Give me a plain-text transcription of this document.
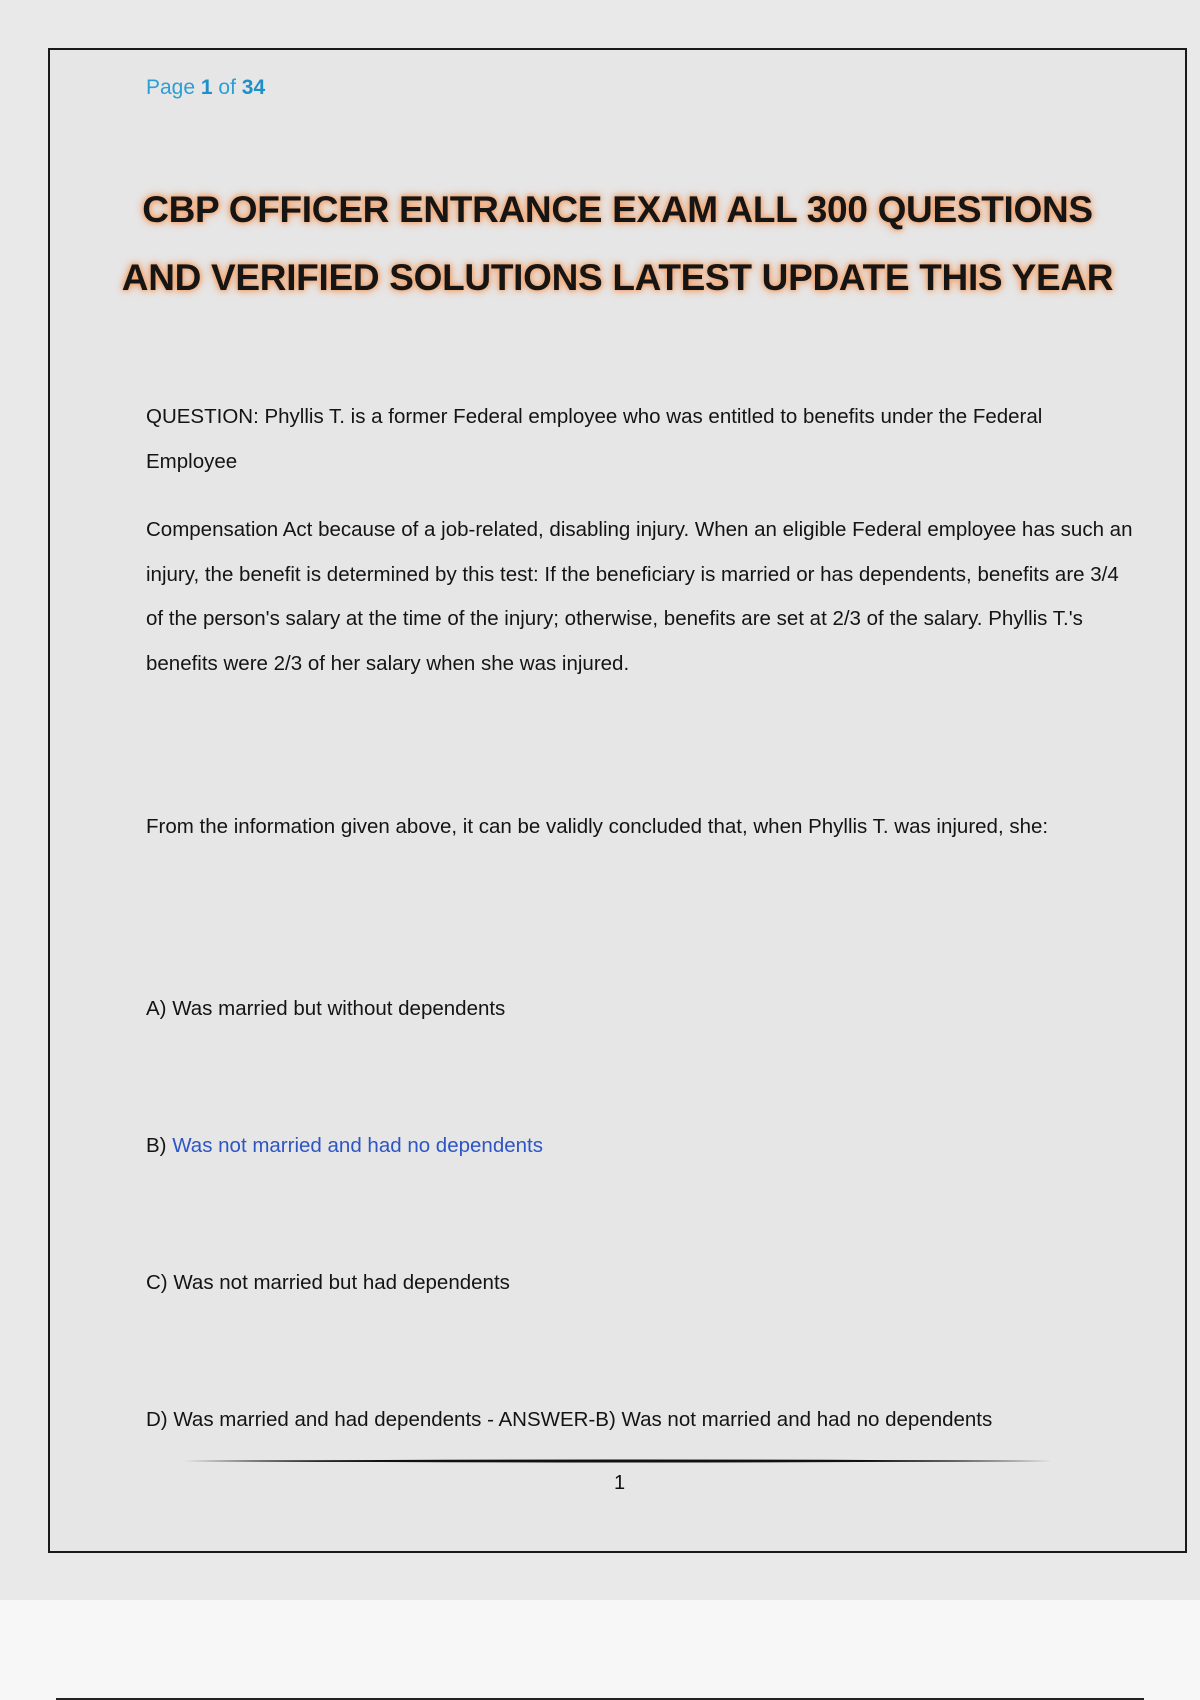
Page 1 of 34
CBP OFFICER ENTRANCE EXAM ALL 300 QUESTIONS AND VERIFIED SOLUTIONS LATEST UPDATE THIS YEAR

QUESTION: Phyllis T. is a former Federal employee who was entitled to benefits under the Federal Employee

Compensation Act because of a job-related, disabling injury. When an eligible Federal employee has such an injury, the benefit is determined by this test: If the beneficiary is married or has dependents, benefits are 3/4 of the person's salary at the time of the injury; otherwise, benefits are set at 2/3 of the salary. Phyllis T.'s benefits were 2/3 of her salary when she was injured.

From the information given above, it can be validly concluded that, when Phyllis T. was injured, she:

A) Was married but without dependents

B) Was not married and had no dependents

C) Was not married but had dependents

D) Was married and had dependents - ANSWER-B) Was not married and had no dependents

1
